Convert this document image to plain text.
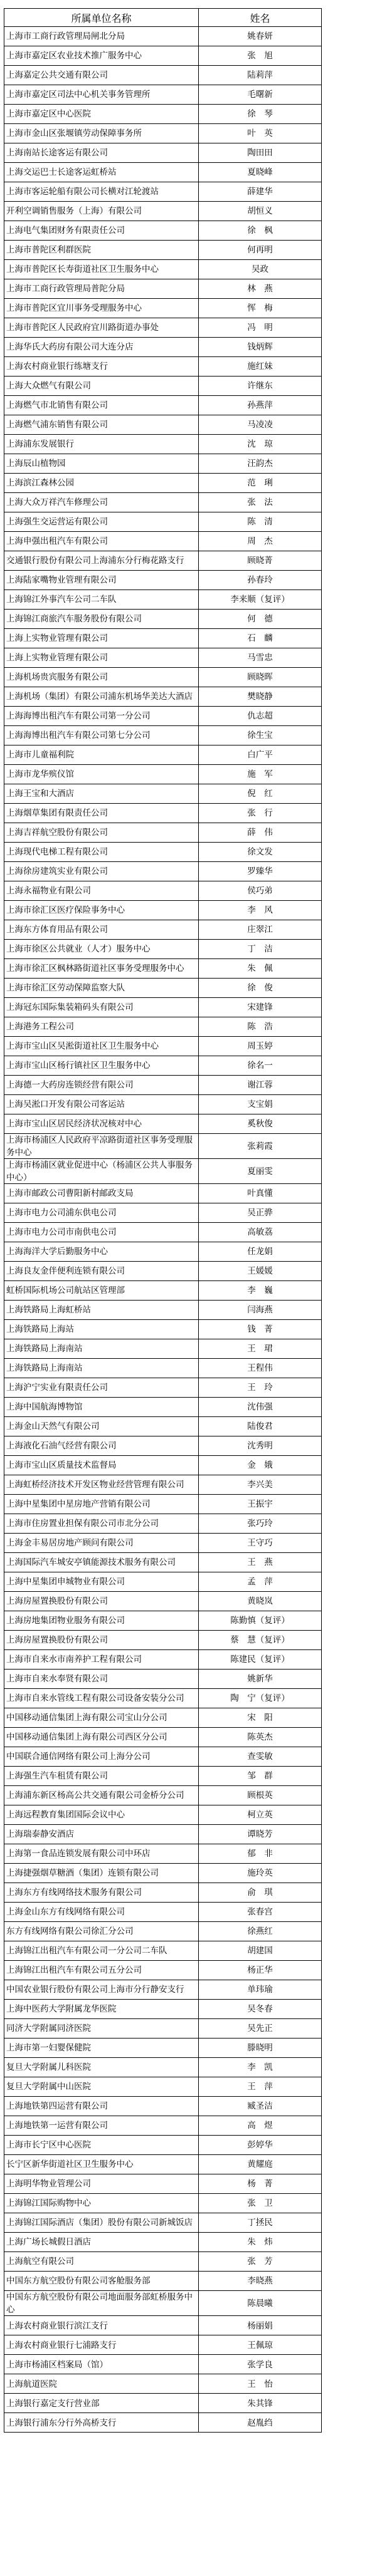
所属单位名称	姓名
上海市工商行政管理局闸北分局	姚春妍
上海市嘉定区农业技术推广服务中心	张　旭
上海嘉定公共交通有限公司	陆莉萍
上海市嘉定区司法中心机关事务管理所	毛曙新
上海市嘉定区中心医院	徐　琴
上海市金山区张堰镇劳动保障事务所	叶　英
上海南站长途客运有限公司	陶田田
上海交运巴士长途客运虹桥站	夏晓峰
上海市客运轮船有限公司长横对江轮渡站	薛建华
开利空调销售服务（上海）有限公司	胡恒义
上海电气集团财务有限责任公司	徐　枫
上海市普陀区利群医院	何再明
上海市普陀区长寿街道社区卫生服务中心	吴政
上海市工商行政管理局普陀分局	林　燕
上海市普陀区宜川事务受理服务中心	恽　梅
上海市普陀区人民政府宜川路街道办事处	冯　明
上海华氏大药房有限公司大连分店	钱炳辉
上海农村商业银行练塘支行	施红妹
上海大众燃气有限公司	许继东
上海燃气市北销售有限公司	孙燕萍
上海燃气浦东销售有限公司	马凌凌
上海浦东发展银行	沈　琼
上海辰山植物园	汪韵杰
上海滨江森林公园	范　琍
上海大众万祥汽车修理公司	张　法
上海强生交运营运有限公司	陈　清
上海申强出租汽车有限公司	周　杰
交通银行股份有限公司上海浦东分行梅花路支行	顾晓菁
上海陆家嘴物业管理有限公司	孙春玲
上海锦江外事汽车公司二车队	李来顺（复评）
上海锦江商旅汽车服务股份有限公司	何　德
上海上实物业管理有限公司	石　麟
上海上实物业管理有限公司	马雪忠
上海机场贵宾服务有限公司	顾晓晖
上海机场（集团）有限公司浦东机场华美达大酒店	樊晓静
上海海博出租汽车有限公司第一分公司	仇志超
上海海博出租汽车有限公司第七分公司	徐生宝
上海市儿童福利院	白广平
上海市龙华殡仪馆	施　军
上海王宝和大酒店	倪　红
上海烟草集团有限责任公司	张　行
上海吉祥航空股份有限公司	薛　伟
上海现代电梯工程有限公司	徐文发
上海徐房建筑实业有限公司	罗臻华
上海永福物业有限公司	侯巧弟
上海市徐汇区医疗保险事务中心	李　风
上海东方体育用品有限公司	庄翠江
上海市徐区公共就业（人才）服务中心	丁　洁
上海市徐汇区枫林路街道社区事务受理服务中心	朱　佩
上海市徐汇区劳动保障监察大队	徐　俊
上海冠东国际集装箱码头有限公司	宋建锋
上海港务工程公司	陈　浩
上海市宝山区吴淞街道社区卫生服务中心	周玉婷
上海市宝山区杨行镇社区卫生服务中心	徐名一
上海德一大药房连锁经营有限公司	谢江蓉
上海吴淞口开发有限公司客运站	支宝娟
上海市宝山区居民经济状况核对中心	奚秋俊
上海市杨浦区人民政府平凉路街道社区事务受理服务中心	张莉霞
上海市杨浦区就业促进中心（杨浦区公共人事服务中心）	夏丽雯
上海市邮政公司曹阳新村邮政支局	叶真懂
上海市电力公司浦东供电公司	吴正骅
上海市电力公司市南供电公司	高敏荔
上海海洋大学后勤服务中心	任龙娟
上海良友金伴便利连锁有限公司	王媛媛
虹桥国际机场公司航站区管理部	李　巍
上海铁路局上海虹桥站	闫海燕
上海铁路局上海站	钱　菁
上海铁路局上海南站	王　珺
上海铁路局上海南站	王程伟
上海沪宁实业有限责任公司	王　玲
上海中国航海博物馆	沈伟强
上海金山天然气有限公司	陆俊君
上海液化石油气经营有限公司	沈秀明
上海市宝山区质量技术监督局	金　娥
上海虹桥经济技术开发区物业经营管理有限公司	李兴美
上海中星集团中星房地产营销有限公司	王振宇
上海市住房置业担保有限公司市北分公司	张巧玲
上海金丰易居房地产顾问有限公司	王守巧
上海国际汽车城安亭镇能源技术服务有限公司	王　燕
上海中星集团申城物业有限公司	孟　萍
上海房屋置换股份有限公司	黄晓岚
上海房地集团物业服务有限公司	陈勤慎（复评）
上海房屋置换股份有限公司	蔡　慧（复评）
上海市自来水市南养护工程有限公司	陈建民（复评）
上海市自来水奉贤有限公司	姚新华
上海市自来水管线工程有限公司设备安装分公司	陶　宁（复评）
中国移动通信集团上海有限公司宝山分公司	宋　阳
中国移动通信集团上海有限公司西区分公司	陈英杰
中国联合通信网络有限公司上海分公司	查雯敏
上海强生汽车租赁有限公司	邹　群
上海浦东新区杨高公共交通有限公司金桥分公司	顾根英
上海远程教育集团国际会议中心	柯立英
上海瑞泰静安酒店	谭晓芳
上海第一食品连锁发展有限公司中环店	郁　非
上海捷强烟草糖酒（集团）连锁有限公司	施玲英
上海东方有线网络技术服务有限公司	俞　琪
上海金山东方有线网络有限公司	张春宫
东方有线网络有限公司徐汇分公司	徐燕红
上海锦江出租汽车有限公司一分公司二车队	胡建国
上海锦江出租汽车有限公司五分公司	杨正华
中国农业银行股份有限公司上海市分行静安支行	单玮瑜
上海中医药大学附属龙华医院	吴冬春
同济大学附属同济医院	吴先正
上海市第一妇婴保健院	滕晓明
复旦大学附属儿科医院	李　凯
复旦大学附属中山医院	王　萍
上海地铁第四运营有限公司	臧圣洁
上海地铁第一运营有限公司	高　煜
上海市长宁区中心医院	彭婷华
长宁区新华街道社区卫生服务中心	黄耀庭
上海明华物业管理公司	杨　菁
上海锦江国际购物中心	张　卫
上海锦江国际酒店（集团）股份有限公司新城饭店	丁拯民
上海广场长城假日酒店	朱　炜
上海航空有限公司	张　芳
中国东方航空股份有限公司客舱服务部	李晓燕
中国东方航空股份有限公司地面服务部虹桥服务中心	陈晨曦
上海农村商业银行滨江支行	杨丽娟
上海农村商业银行七浦路支行	王佩琼
上海市杨浦区档案局（馆）	张学良
上海航道医院	王　怡
上海银行嘉定支行营业部	朱其锋
上海银行浦东分行外高桥支行	赵胤绉
